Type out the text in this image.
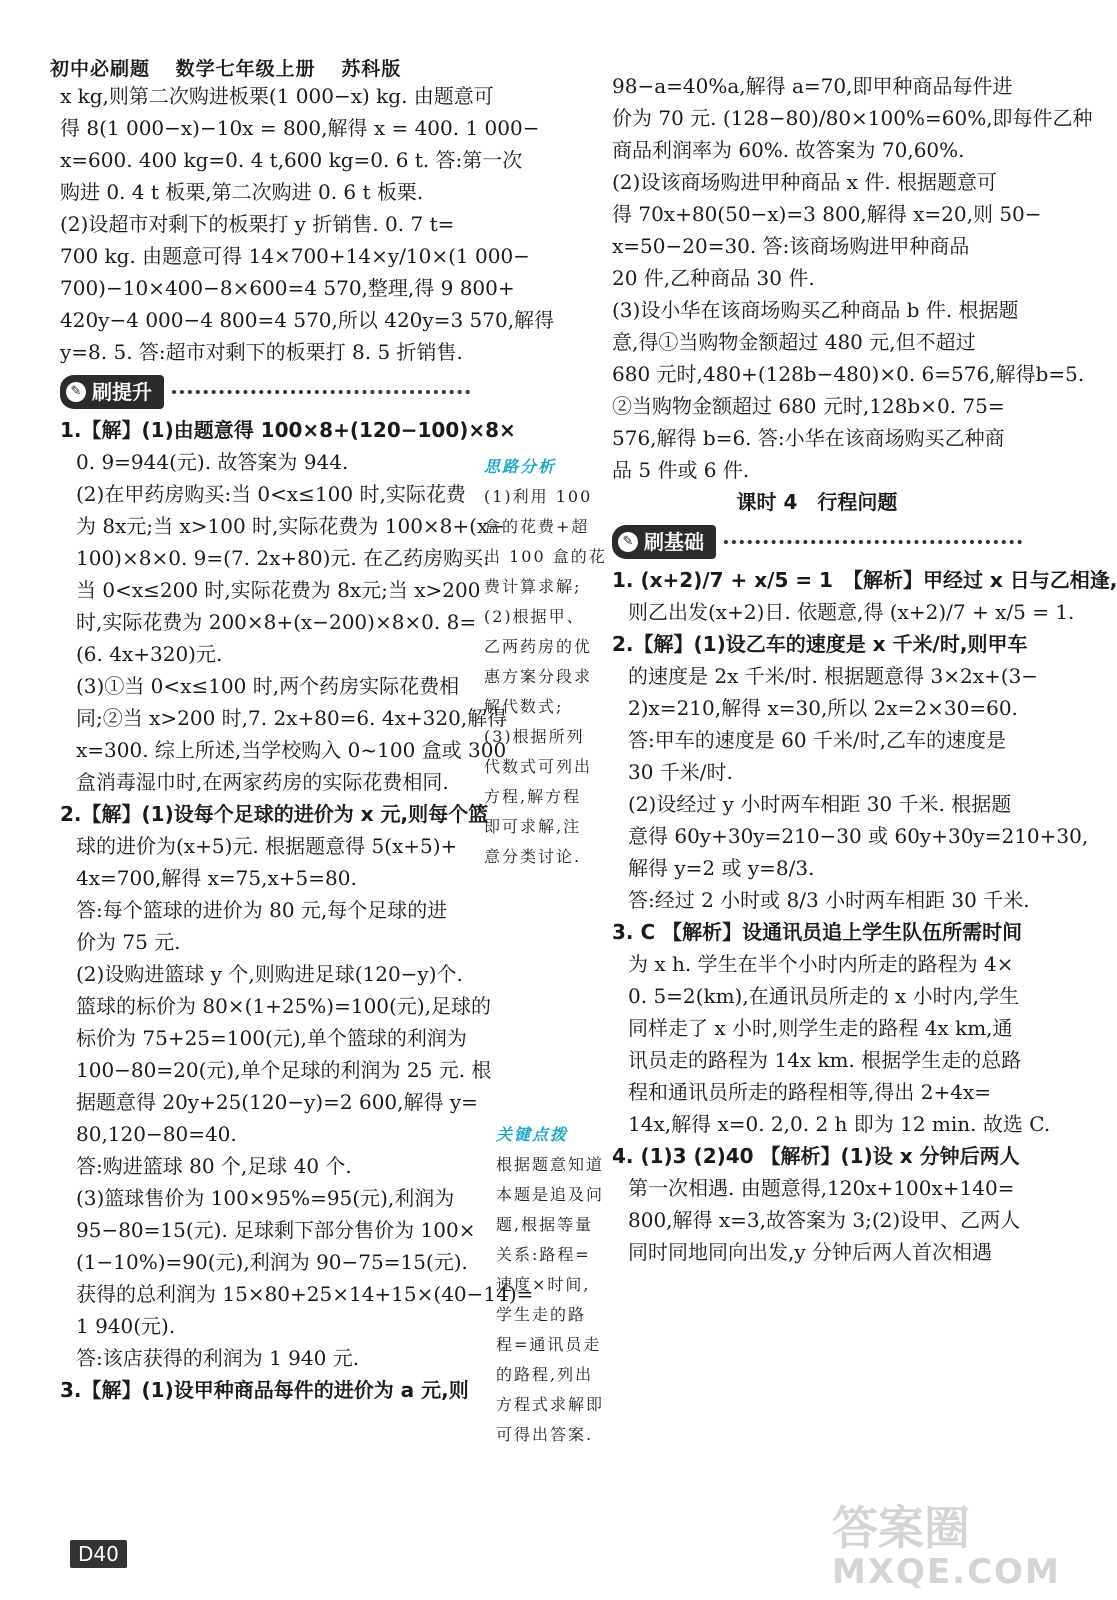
初中必刷题 数学七年级上册 苏科版

x kg,则第二次购进板栗(1 000−x) kg. 由题意可

得 8(1 000−x)−10x = 800,解得 x = 400. 1 000−

x=600. 400 kg=0. 4 t,600 kg=0. 6 t. 答:第一次

购进 0. 4 t 板栗,第二次购进 0. 6 t 板栗.

(2)设超市对剩下的板栗打 y 折销售. 0. 7 t=

700 kg. 由题意可得 14×700+14×y/10×(1 000−

700)−10×400−8×600=4 570,整理,得 9 800+

420y−4 000−4 800=4 570,所以 420y=3 570,解得

y=8. 5. 答:超市对剩下的板栗打 8. 5 折销售.

✎ 刷提升

1.【解】(1)由题意得 100×8+(120−100)×8×

0. 9=944(元). 故答案为 944.

(2)在甲药房购买:当 0<x≤100 时,实际花费

为 8x元;当 x>100 时,实际花费为 100×8+(x−

100)×8×0. 9=(7. 2x+80)元. 在乙药房购买:

当 0<x≤200 时,实际花费为 8x元;当 x>200

时,实际花费为 200×8+(x−200)×8×0. 8=

(6. 4x+320)元.

(3)①当 0<x≤100 时,两个药房实际花费相

同;②当 x>200 时,7. 2x+80=6. 4x+320,解得

x=300. 综上所述,当学校购入 0~100 盒或 300

盒消毒湿巾时,在两家药房的实际花费相同.

2.【解】(1)设每个足球的进价为 x 元,则每个篮

球的进价为(x+5)元. 根据题意得 5(x+5)+

4x=700,解得 x=75,x+5=80.

答:每个篮球的进价为 80 元,每个足球的进

价为 75 元.

(2)设购进篮球 y 个,则购进足球(120−y)个.

篮球的标价为 80×(1+25%)=100(元),足球的

标价为 75+25=100(元),单个篮球的利润为

100−80=20(元),单个足球的利润为 25 元. 根

据题意得 20y+25(120−y)=2 600,解得 y=

80,120−80=40.

答:购进篮球 80 个,足球 40 个.

(3)篮球售价为 100×95%=95(元),利润为

95−80=15(元). 足球剩下部分售价为 100×

(1−10%)=90(元),利润为 90−75=15(元).

获得的总利润为 15×80+25×14+15×(40−14)=

1 940(元).

答:该店获得的利润为 1 940 元.

3.【解】(1)设甲种商品每件的进价为 a 元,则

思路分析
(1)利用 100
盒的花费+超
出 100 盒的花
费计算求解;
(2)根据甲、
乙两药房的优
惠方案分段求
解代数式;
(3)根据所列
代数式可列出
方程,解方程
即可求解,注
意分类讨论.
关键点拨
根据题意知道
本题是追及问
题,根据等量
关系:路程=
速度×时间,
学生走的路
程=通讯员走
的路程,列出
方程式求解即
可得出答案.

98−a=40%a,解得 a=70,即甲种商品每件进

价为 70 元. (128−80)/80×100%=60%,即每件乙种

商品利润率为 60%. 故答案为 70,60%.

(2)设该商场购进甲种商品 x 件. 根据题意可

得 70x+80(50−x)=3 800,解得 x=20,则 50−

x=50−20=30. 答:该商场购进甲种商品

20 件,乙种商品 30 件.

(3)设小华在该商场购买乙种商品 b 件. 根据题

意,得①当购物金额超过 480 元,但不超过

680 元时,480+(128b−480)×0. 6=576,解得b=5.

②当购物金额超过 680 元时,128b×0. 75=

576,解得 b=6. 答:小华在该商场购买乙种商

品 5 件或 6 件.

课时 4　行程问题

✎ 刷基础

1. (x+2)/7 + x/5 = 1　【解析】甲经过 x 日与乙相逢,

则乙出发(x+2)日. 依题意,得 (x+2)/7 + x/5 = 1.

2.【解】(1)设乙车的速度是 x 千米/时,则甲车

的速度是 2x 千米/时. 根据题意得 3×2x+(3−

2)x=210,解得 x=30,所以 2x=2×30=60.

答:甲车的速度是 60 千米/时,乙车的速度是

30 千米/时.

(2)设经过 y 小时两车相距 30 千米. 根据题

意得 60y+30y=210−30 或 60y+30y=210+30,

解得 y=2 或 y=8/3.

答:经过 2 小时或 8/3 小时两车相距 30 千米.

3. C 【解析】设通讯员追上学生队伍所需时间

为 x h. 学生在半个小时内所走的路程为 4×

0. 5=2(km),在通讯员所走的 x 小时内,学生

同样走了 x 小时,则学生走的路程 4x km,通

讯员走的路程为 14x km. 根据学生走的总路

程和通讯员所走的路程相等,得出 2+4x=

14x,解得 x=0. 2,0. 2 h 即为 12 min. 故选 C.

4. (1)3 (2)40 【解析】(1)设 x 分钟后两人

第一次相遇. 由题意得,120x+100x+140=

800,解得 x=3,故答案为 3;(2)设甲、乙两人

同时同地同向出发,y 分钟后两人首次相遇

D40	答案圈
MXQE.COM
